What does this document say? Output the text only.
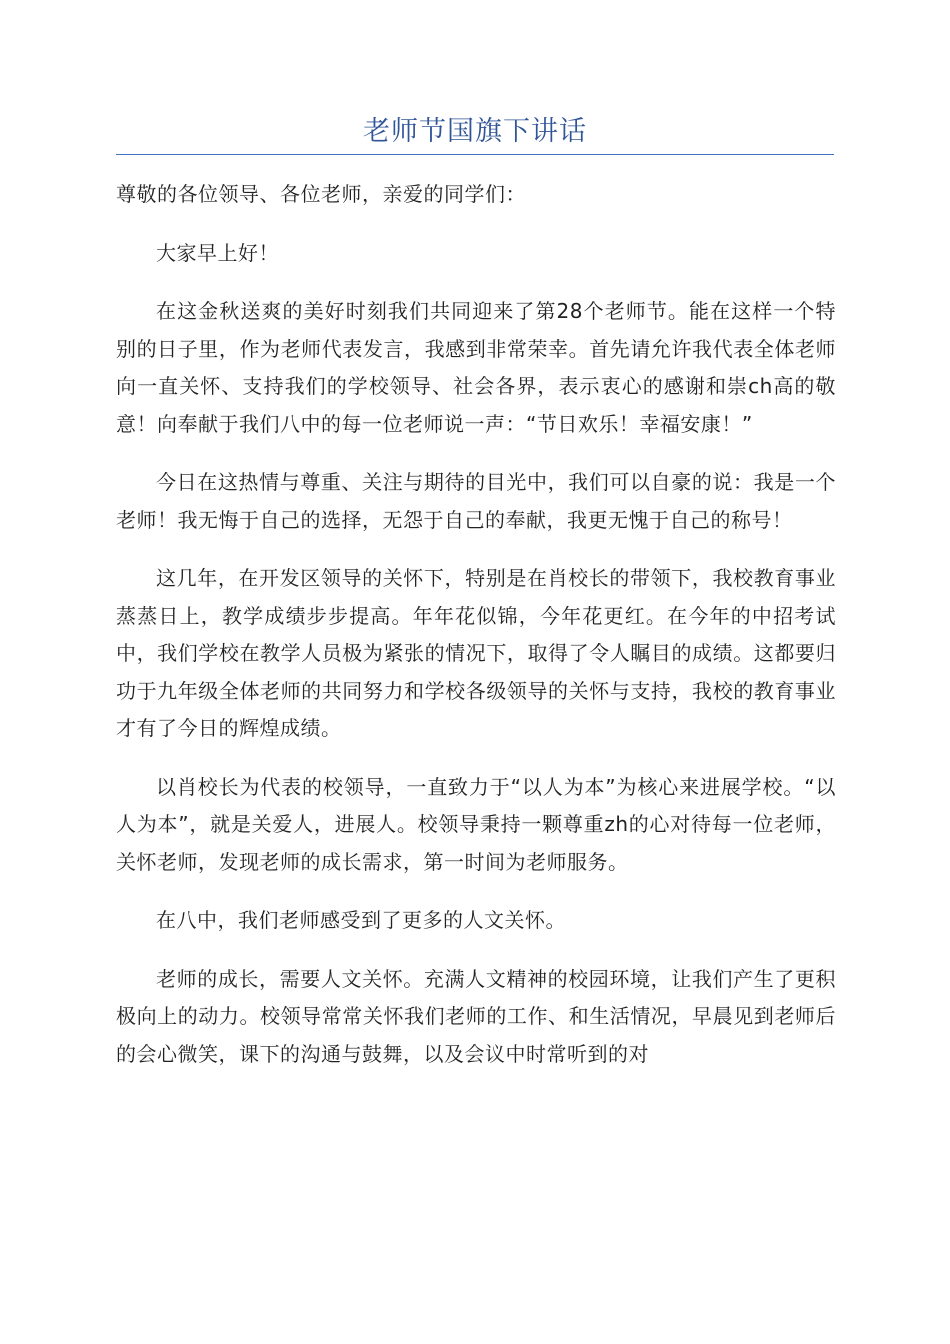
老师节国旗下讲话

尊敬的各位领导、各位老师，亲爱的同学们：

大家早上好！

在这金秋送爽的美好时刻我们共同迎来了第28个老师节。能在这样一个特别的日子里，作为老师代表发言，我感到非常荣幸。首先请允许我代表全体老师向一直关怀、支持我们的学校领导、社会各界，表示衷心的感谢和崇ch高的敬意！向奉献于我们八中的每一位老师说一声：“节日欢乐！幸福安康！”

今日在这热情与尊重、关注与期待的目光中，我们可以自豪的说：我是一个老师！我无悔于自己的选择，无怨于自己的奉献，我更无愧于自己的称号！

这几年，在开发区领导的关怀下，特别是在肖校长的带领下，我校教育事业蒸蒸日上，教学成绩步步提高。年年花似锦，今年花更红。在今年的中招考试中，我们学校在教学人员极为紧张的情况下，取得了令人瞩目的成绩。这都要归功于九年级全体老师的共同努力和学校各级领导的关怀与支持，我校的教育事业才有了今日的辉煌成绩。

以肖校长为代表的校领导，一直致力于“以人为本”为核心来进展学校。“以人为本”，就是关爱人，进展人。校领导秉持一颗尊重zh的心对待每一位老师，关怀老师，发现老师的成长需求，第一时间为老师服务。

在八中，我们老师感受到了更多的人文关怀。

老师的成长，需要人文关怀。充满人文精神的校园环境，让我们产生了更积极向上的动力。校领导常常关怀我们老师的工作、和生活情况，早晨见到老师后的会心微笑，课下的沟通与鼓舞，以及会议中时常听到的对
